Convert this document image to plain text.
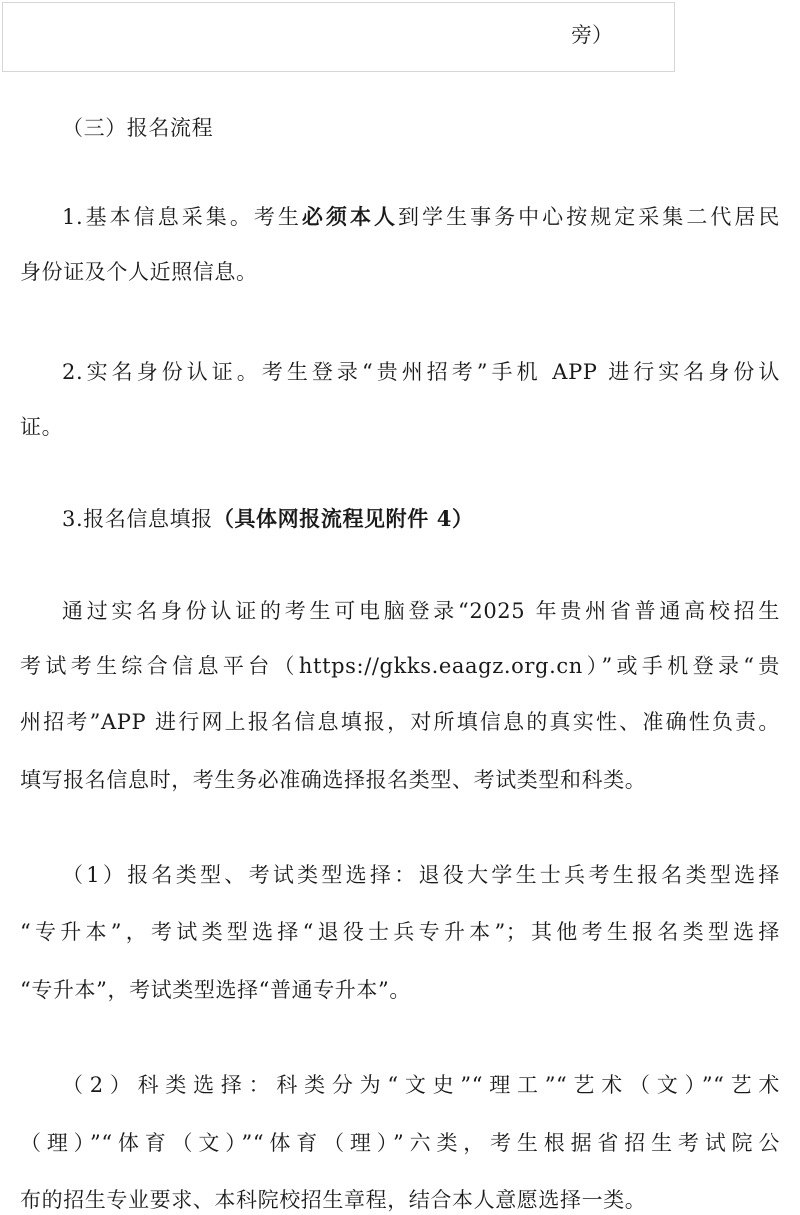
旁）
（三）报名流程
1.基本信息采集。考生必须本人到学生事务中心按规定采集二代居民
身份证及个人近照信息。
2.实名身份认证。考生登录“贵州招考”手机 APP 进行实名身份认
证。
3.报名信息填报（具体网报流程见附件 4）
通过实名身份认证的考生可电脑登录“2025 年贵州省普通高校招生
考试考生综合信息平台（https://gkks.eaagz.org.cn）”或手机登录“贵
州招考”APP 进行网上报名信息填报，对所填信息的真实性、准确性负责。
填写报名信息时，考生务必准确选择报名类型、考试类型和科类。
（1）报名类型、考试类型选择：退役大学生士兵考生报名类型选择
“专升本”，考试类型选择“退役士兵专升本”；其他考生报名类型选择
“专升本”，考试类型选择“普通专升本”。
（2）科类选择：科类分为“文史”“理工”“艺术（文）”“艺术
（理）”“体育（文）”“体育（理）”六类，考生根据省招生考试院公
布的招生专业要求、本科院校招生章程，结合本人意愿选择一类。
